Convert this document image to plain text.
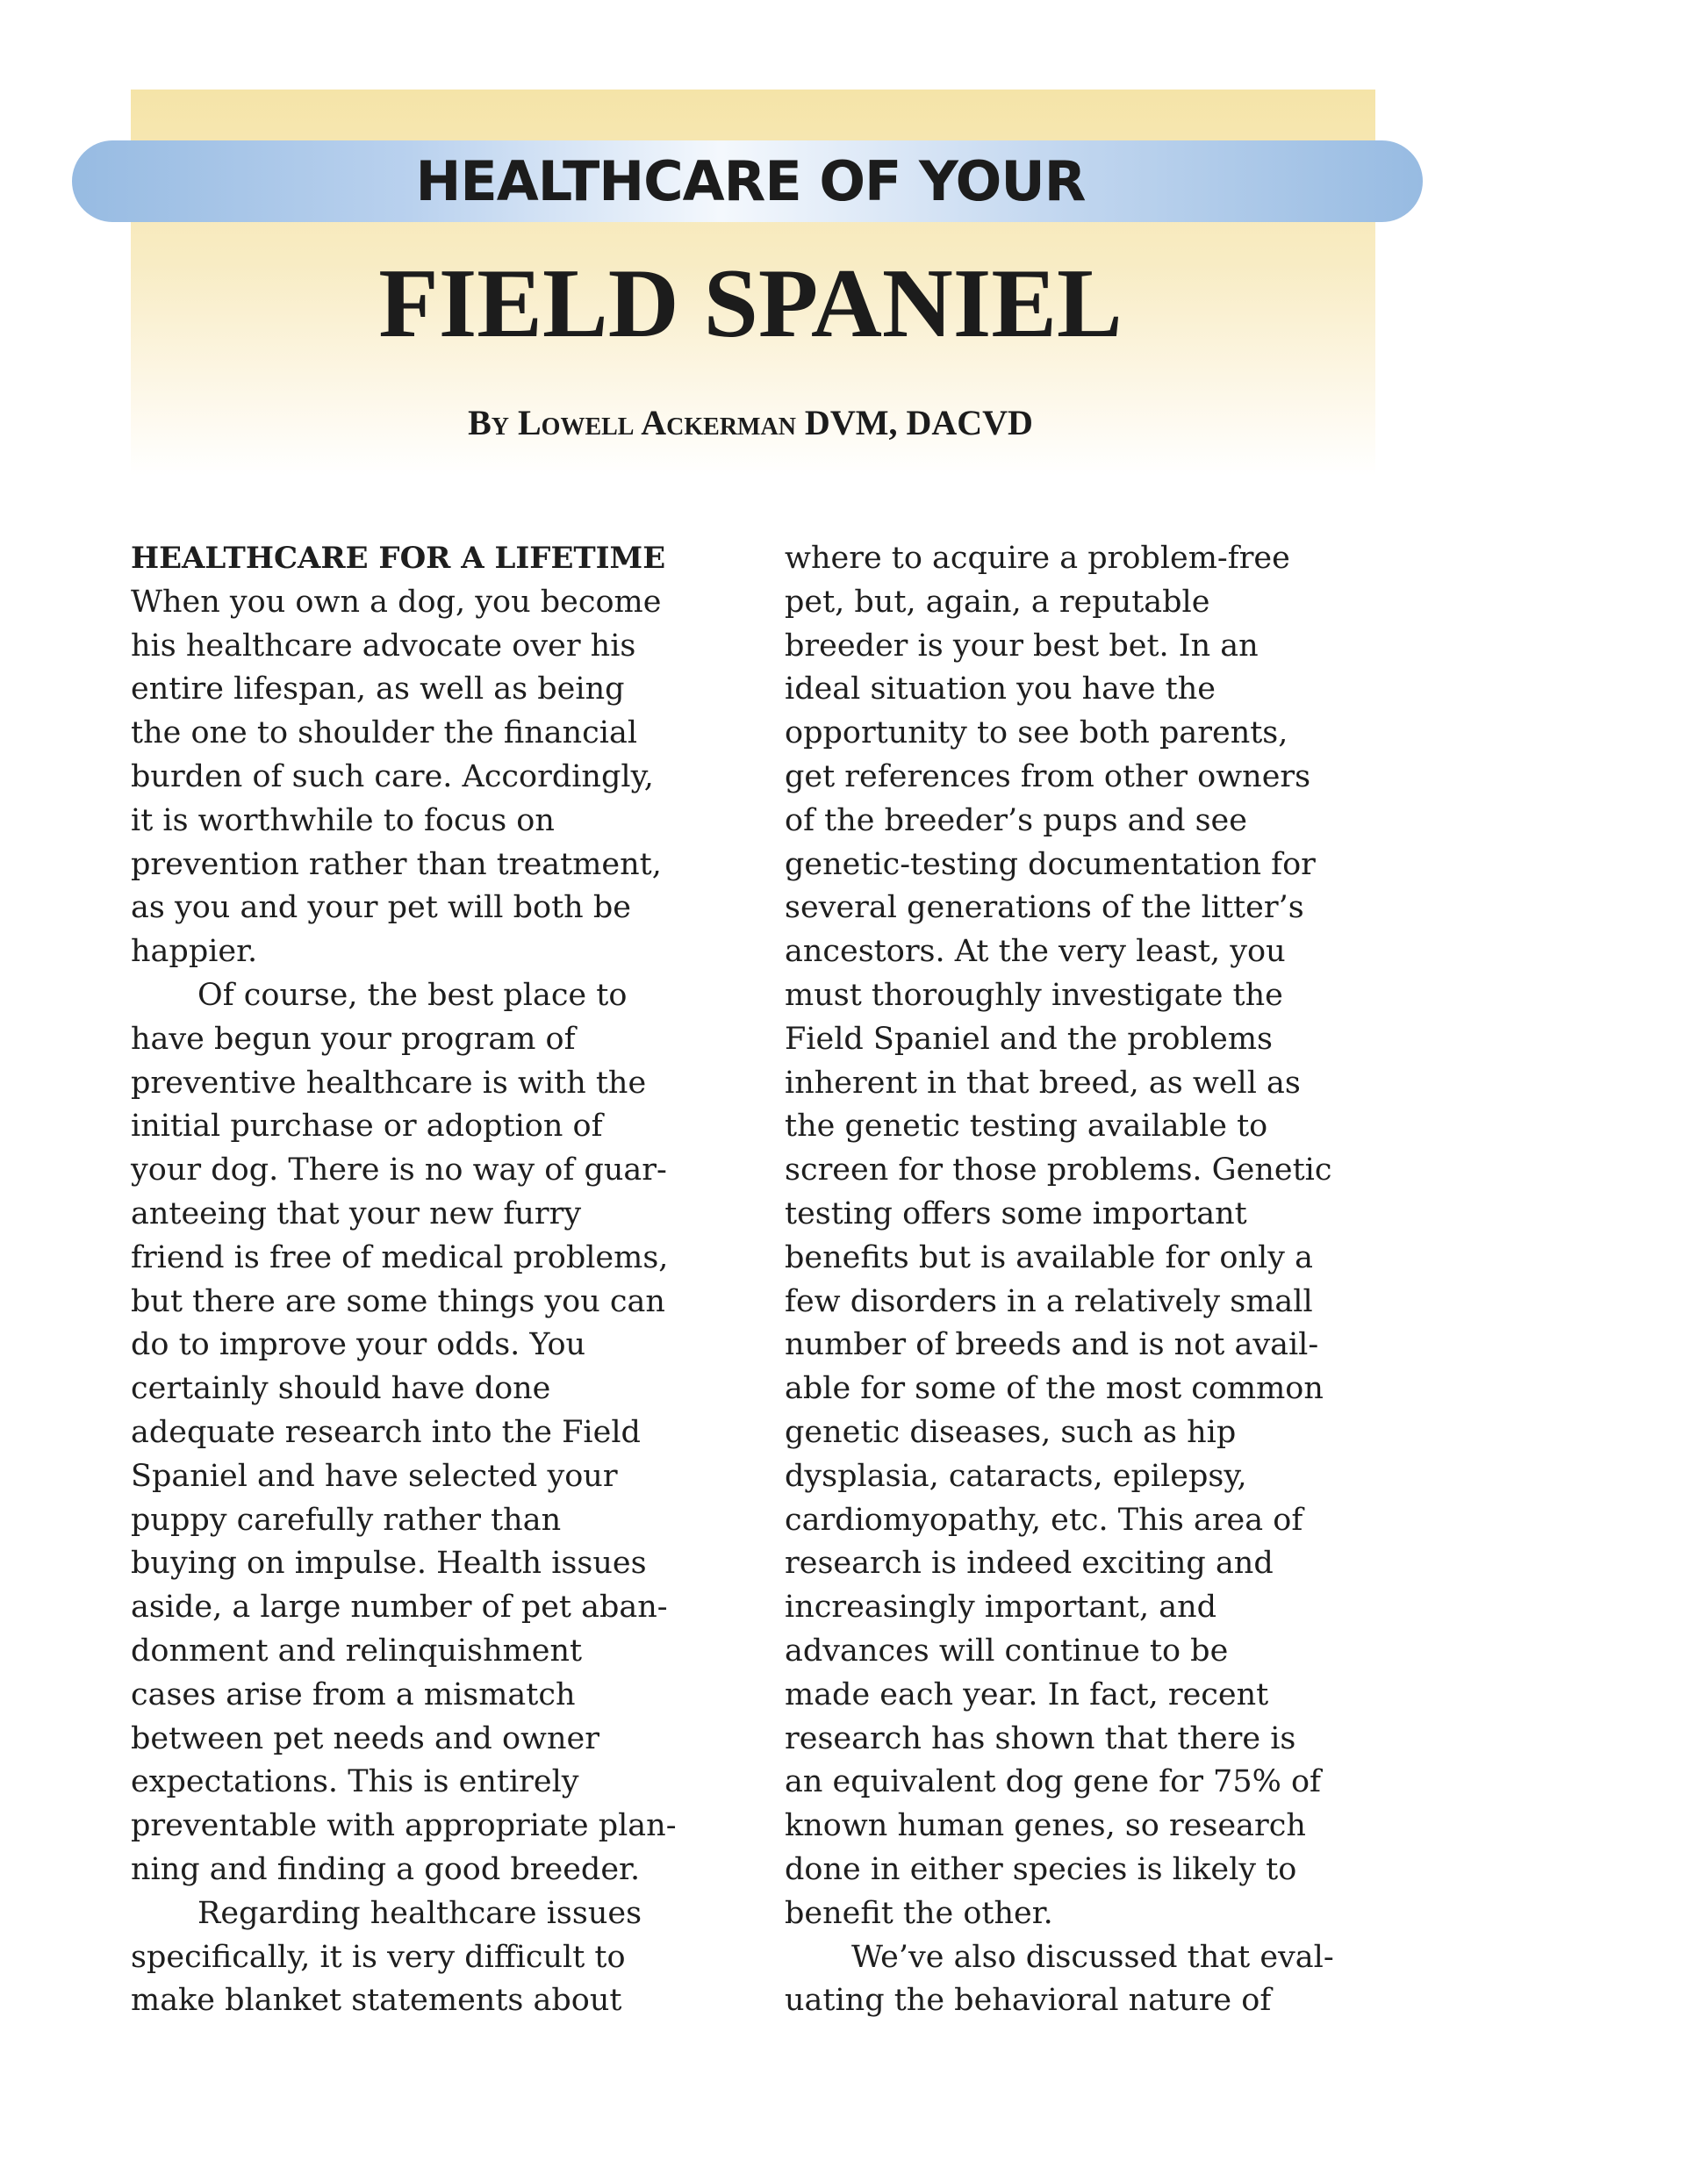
HEALTHCARE OF YOUR
FIELD SPANIEL
By Lowell Ackerman DVM, DACVD
HEALTHCARE FOR A LIFETIME
When you own a dog, you become
his healthcare advocate over his
entire lifespan, as well as being
the one to shoulder the financial
burden of such care. Accordingly,
it is worthwhile to focus on
prevention rather than treatment,
as you and your pet will both be
happier.
Of course, the best place to
have begun your program of
preventive healthcare is with the
initial purchase or adoption of
your dog. There is no way of guar-
anteeing that your new furry
friend is free of medical problems,
but there are some things you can
do to improve your odds. You
certainly should have done
adequate research into the Field
Spaniel and have selected your
puppy carefully rather than
buying on impulse. Health issues
aside, a large number of pet aban-
donment and relinquishment
cases arise from a mismatch
between pet needs and owner
expectations. This is entirely
preventable with appropriate plan-
ning and finding a good breeder.
Regarding healthcare issues
specifically, it is very difficult to
make blanket statements about
where to acquire a problem-free
pet, but, again, a reputable
breeder is your best bet. In an
ideal situation you have the
opportunity to see both parents,
get references from other owners
of the breeder’s pups and see
genetic-testing documentation for
several generations of the litter’s
ancestors. At the very least, you
must thoroughly investigate the
Field Spaniel and the problems
inherent in that breed, as well as
the genetic testing available to
screen for those problems. Genetic
testing offers some important
benefits but is available for only a
few disorders in a relatively small
number of breeds and is not avail-
able for some of the most common
genetic diseases, such as hip
dysplasia, cataracts, epilepsy,
cardiomyopathy, etc. This area of
research is indeed exciting and
increasingly important, and
advances will continue to be
made each year. In fact, recent
research has shown that there is
an equivalent dog gene for 75% of
known human genes, so research
done in either species is likely to
benefit the other.
We’ve also discussed that eval-
uating the behavioral nature of
